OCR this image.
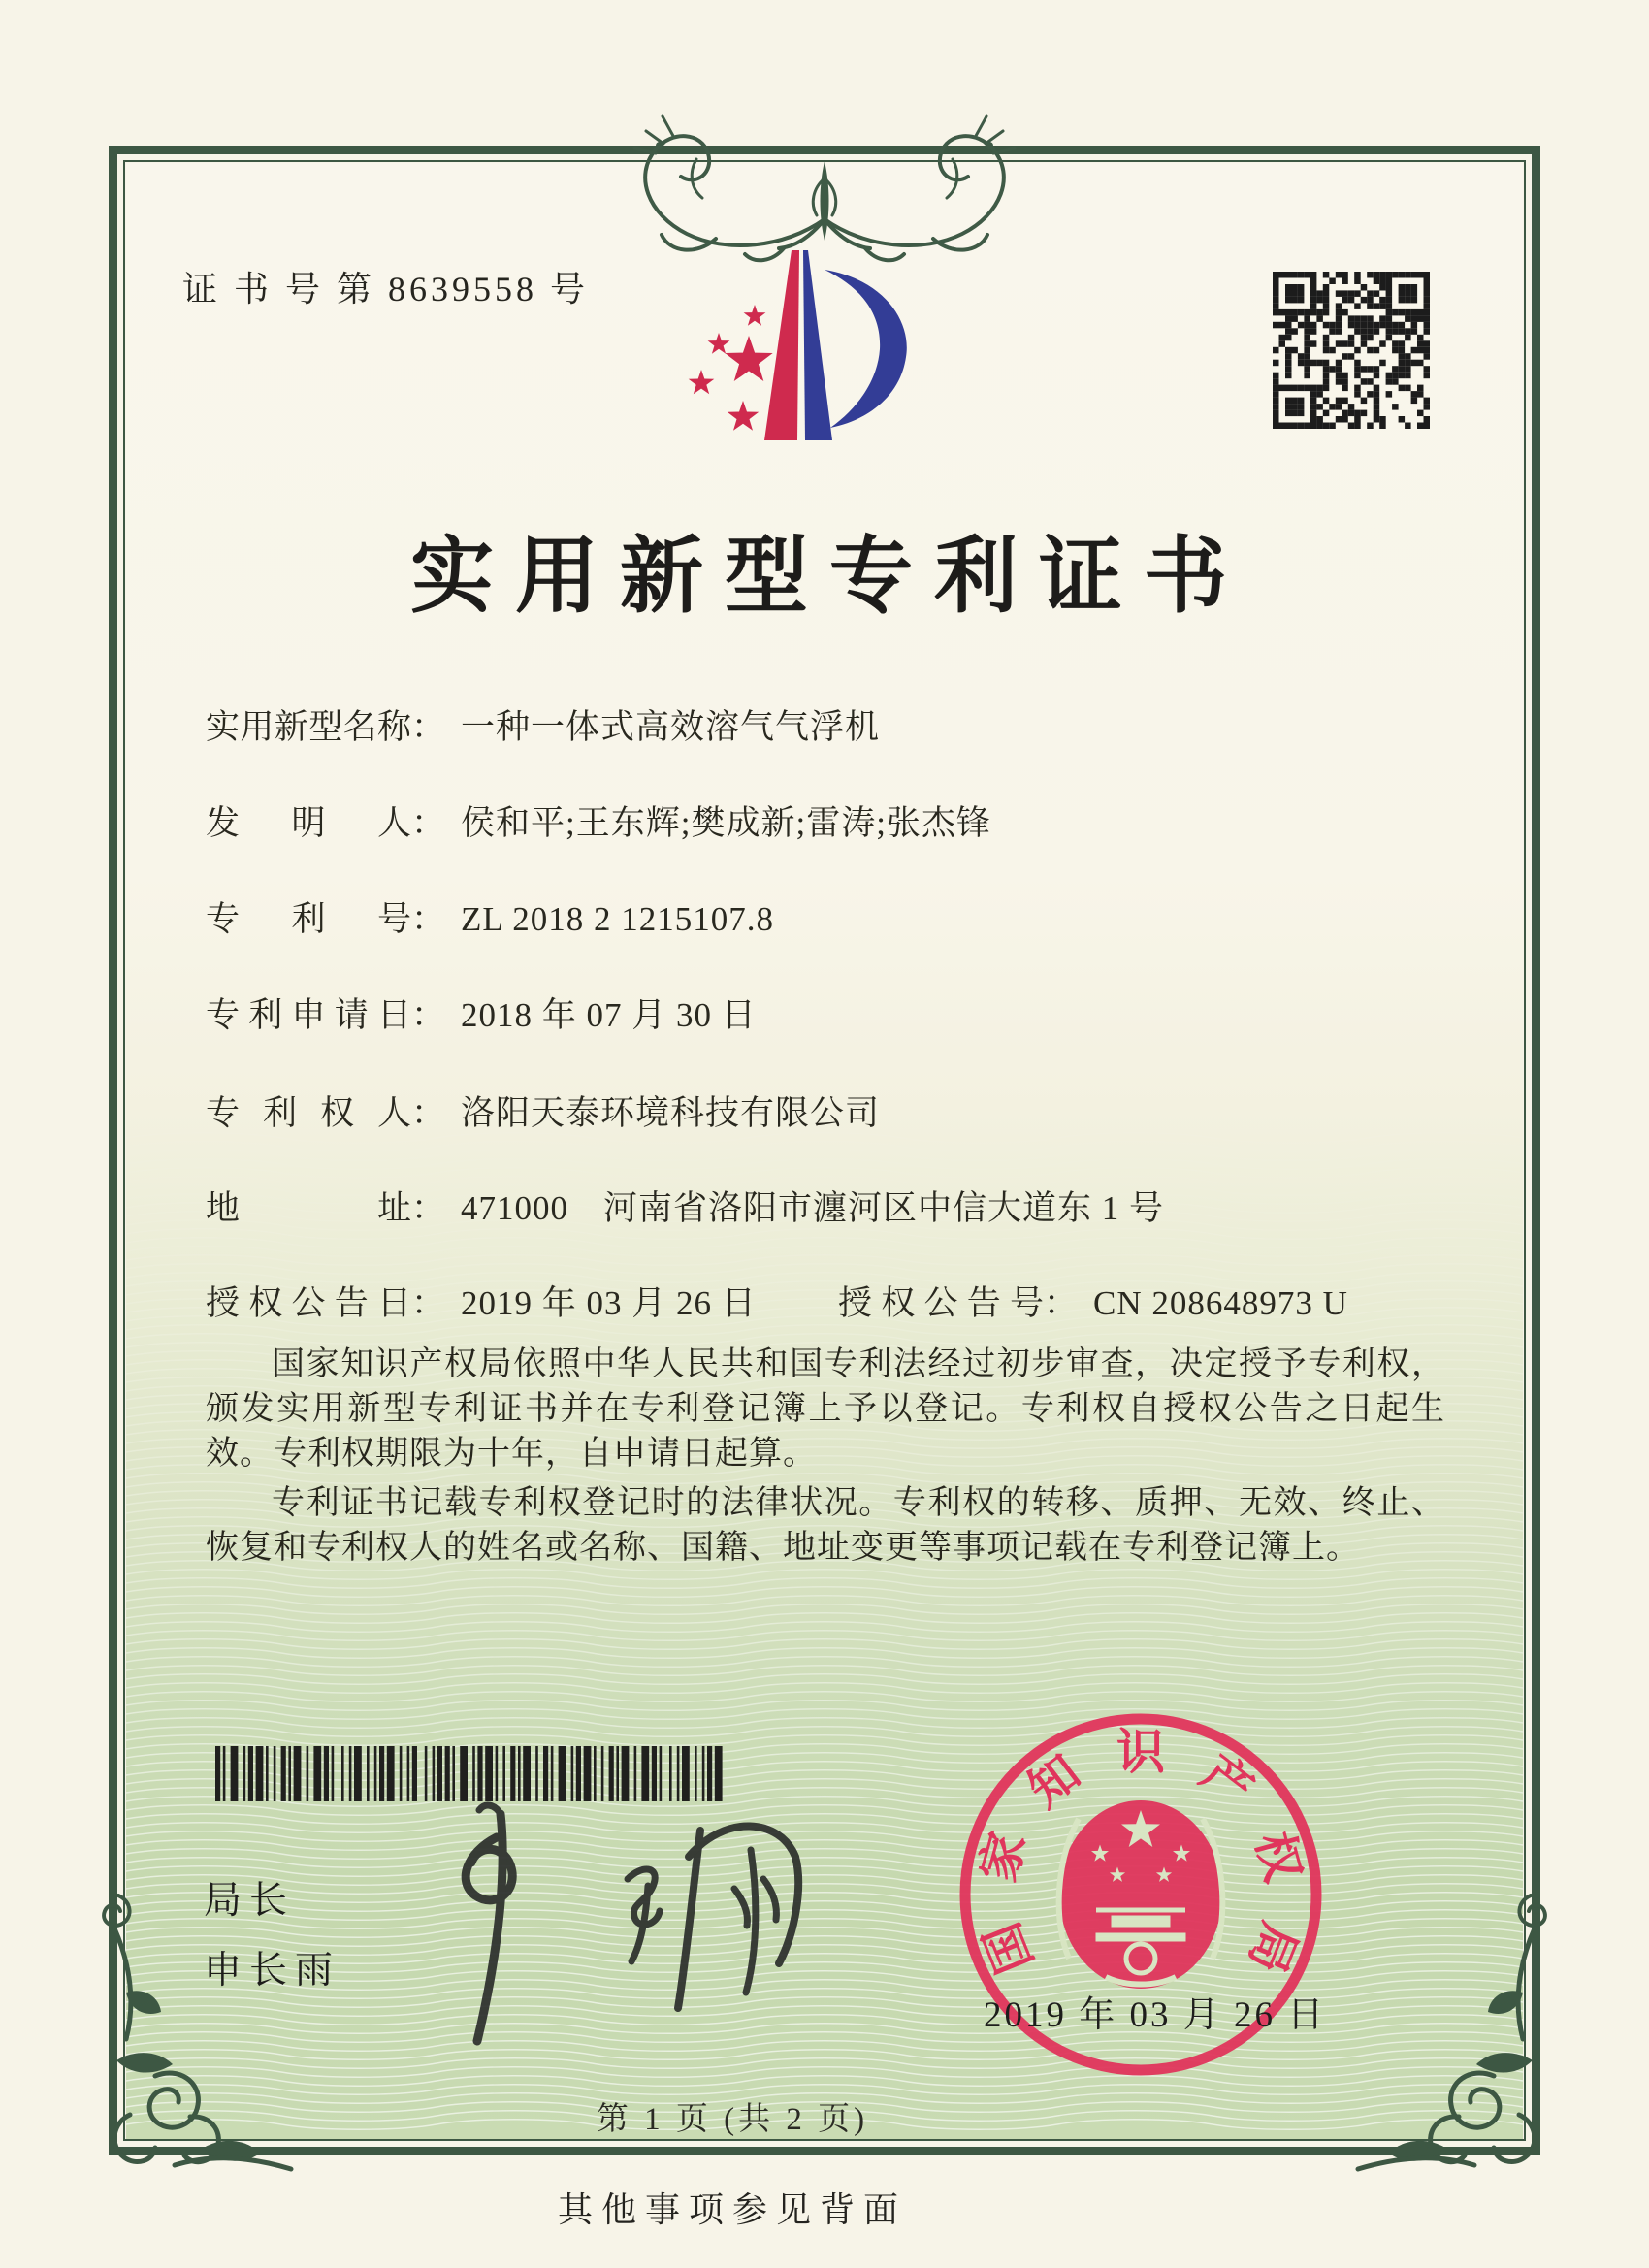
证 书 号 第 8639558 号
实用新型专利证书
实用新型名称： 一种一体式高效溶气气浮机
发明人： 侯和平;王东辉;樊成新;雷涛;张杰锋
专利号： ZL 2018 2 1215107.8
专利申请日： 2018 年 07 月 30 日
专利权人： 洛阳天泰环境科技有限公司
地址： 471000　河南省洛阳市瀍河区中信大道东 1 号
授权公告日： 2019 年 03 月 26 日 授权公告号： CN 208648973 U

国家知识产权局依照中华人民共和国专利法经过初步审查，决定授予专利权，颁发实用新型专利证书并在专利登记簿上予以登记。专利权自授权公告之日起生效。专利权期限为十年，自申请日起算。

专利证书记载专利权登记时的法律状况。专利权的转移、质押、无效、终止、恢复和专利权人的姓名或名称、国籍、地址变更等事项记载在专利登记簿上。

局长
申长雨	国
家
知 识 产
权
局
2019 年 03 月 26 日
第 1 页 (共 2 页)
其他事项参见背面
